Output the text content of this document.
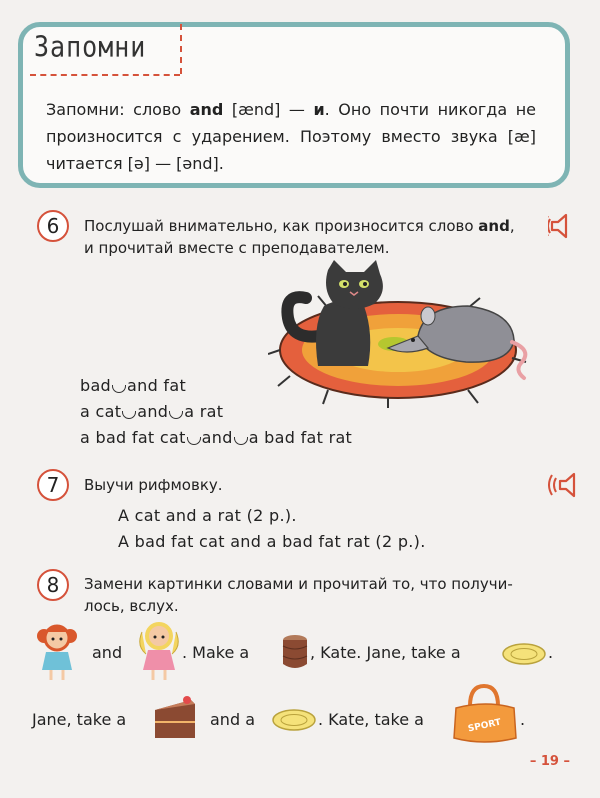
Запомни
Запомни: слово and [ænd] — и. Оно почти никогда не произносится с ударением. Поэтому вместо звука [æ] читается [ə] — [ənd].
6	Послушай внимательно, как произносится слово and,
и прочитай вместе с преподавателем.
bad and fat
a cat and a rat
a bad fat cat and a bad fat rat
7	Выучи рифмовку.
A cat and a rat (2 р.).
A bad fat cat and a bad fat rat (2 р.).
8	Замени картинки словами и прочитай то, что получи-
лось, вслух.
and	. Make a	, Kate. Jane, take a	.
Jane, take a	and a	. Kate, take a	SPORT .
– 19 –
